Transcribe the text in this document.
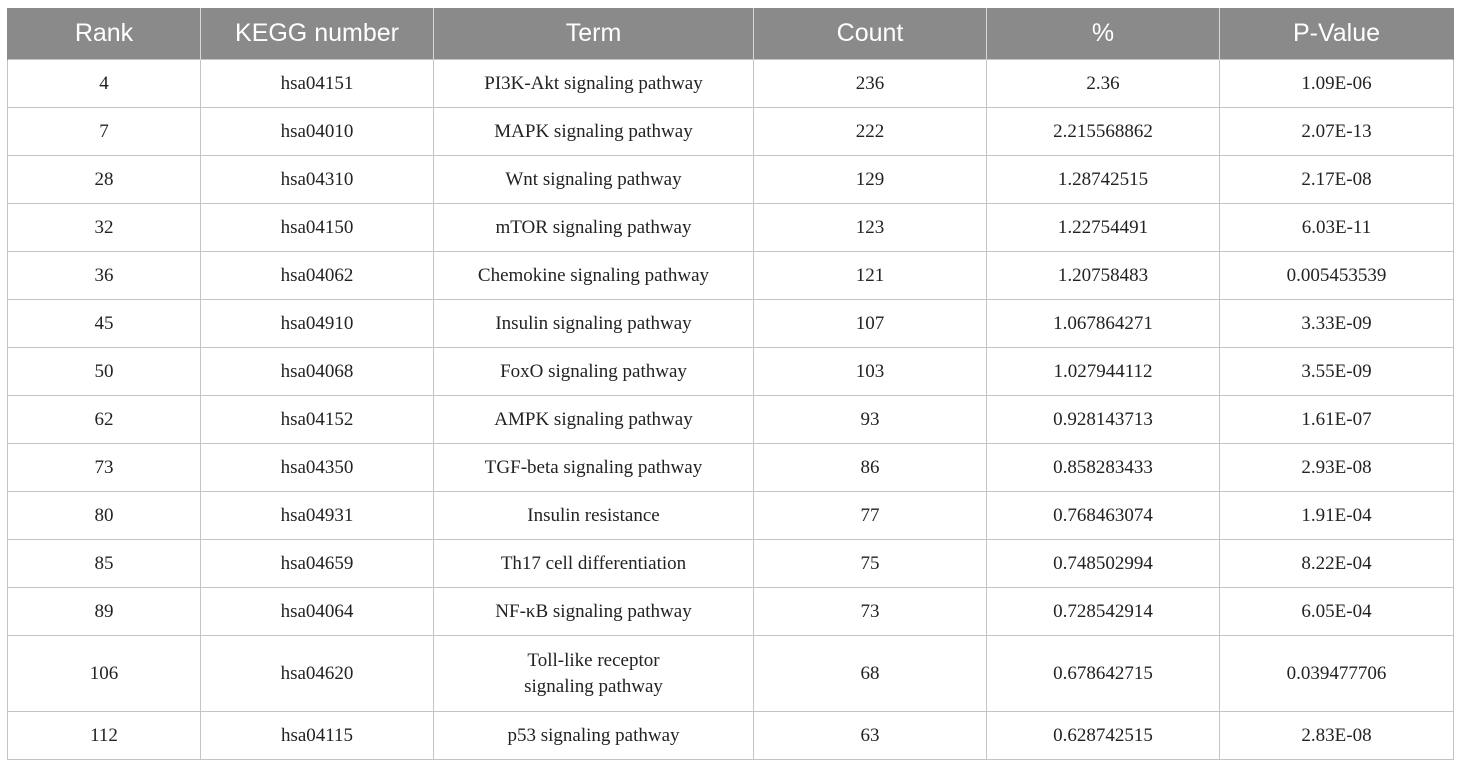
Rank	KEGG number	Term	Count	%	P-Value
4	hsa04151	PI3K-Akt signaling pathway	236	2.36	1.09E-06
7	hsa04010	MAPK signaling pathway	222	2.215568862	2.07E-13
28	hsa04310	Wnt signaling pathway	129	1.28742515	2.17E-08
32	hsa04150	mTOR signaling pathway	123	1.22754491	6.03E-11
36	hsa04062	Chemokine signaling pathway	121	1.20758483	0.005453539
45	hsa04910	Insulin signaling pathway	107	1.067864271	3.33E-09
50	hsa04068	FoxO signaling pathway	103	1.027944112	3.55E-09
62	hsa04152	AMPK signaling pathway	93	0.928143713	1.61E-07
73	hsa04350	TGF-beta signaling pathway	86	0.858283433	2.93E-08
80	hsa04931	Insulin resistance	77	0.768463074	1.91E-04
85	hsa04659	Th17 cell differentiation	75	0.748502994	8.22E-04
89	hsa04064	NF-κB signaling pathway	73	0.728542914	6.05E-04
106	hsa04620	Toll-like receptor
signaling pathway	68	0.678642715	0.039477706
112	hsa04115	p53 signaling pathway	63	0.628742515	2.83E-08
